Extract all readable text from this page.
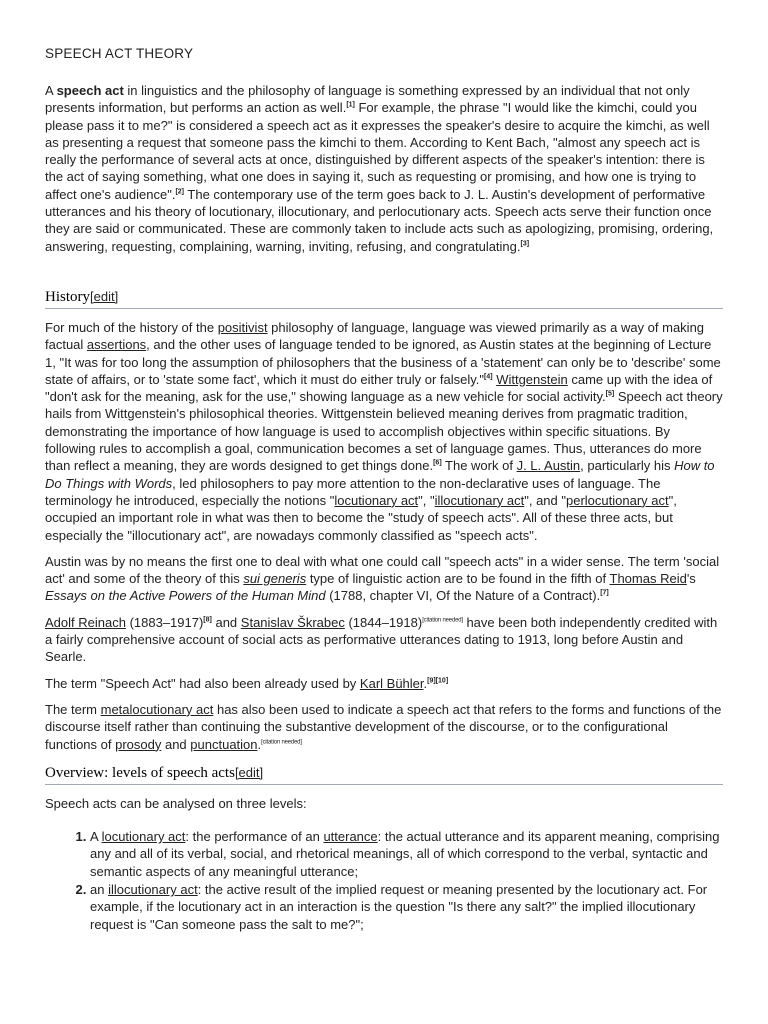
SPEECH ACT THEORY

A speech act in linguistics and the philosophy of language is something expressed by an individual that not only presents information, but performs an action as well.[1] For example, the phrase "I would like the kimchi, could you please pass it to me?" is considered a speech act as it expresses the speaker's desire to acquire the kimchi, as well as presenting a request that someone pass the kimchi to them. According to Kent Bach, "almost any speech act is really the performance of several acts at once, distinguished by different aspects of the speaker's intention: there is the act of saying something, what one does in saying it, such as requesting or promising, and how one is trying to affect one's audience".[2] The contemporary use of the term goes back to J. L. Austin's development of performative utterances and his theory of locutionary, illocutionary, and perlocutionary acts. Speech acts serve their function once they are said or communicated. These are commonly taken to include acts such as apologizing, promising, ordering, answering, requesting, complaining, warning, inviting, refusing, and congratulating.[3]

History[edit]

For much of the history of the positivist philosophy of language, language was viewed primarily as a way of making factual assertions, and the other uses of language tended to be ignored, as Austin states at the beginning of Lecture 1, "It was for too long the assumption of philosophers that the business of a 'statement' can only be to 'describe' some state of affairs, or to 'state some fact', which it must do either truly or falsely."[4] Wittgenstein came up with the idea of "don't ask for the meaning, ask for the use," showing language as a new vehicle for social activity.[5] Speech act theory hails from Wittgenstein's philosophical theories. Wittgenstein believed meaning derives from pragmatic tradition, demonstrating the importance of how language is used to accomplish objectives within specific situations. By following rules to accomplish a goal, communication becomes a set of language games. Thus, utterances do more than reflect a meaning, they are words designed to get things done.[6] The work of J. L. Austin, particularly his How to Do Things with Words, led philosophers to pay more attention to the non-declarative uses of language. The terminology he introduced, especially the notions "locutionary act", "illocutionary act", and "perlocutionary act", occupied an important role in what was then to become the "study of speech acts". All of these three acts, but especially the "illocutionary act", are nowadays commonly classified as "speech acts".

Austin was by no means the first one to deal with what one could call "speech acts" in a wider sense. The term 'social act' and some of the theory of this sui generis type of linguistic action are to be found in the fifth of Thomas Reid's Essays on the Active Powers of the Human Mind (1788, chapter VI, Of the Nature of a Contract).[7]

Adolf Reinach (1883–1917)[8] and Stanislav Škrabec (1844–1918)[citation needed] have been both independently credited with a fairly comprehensive account of social acts as performative utterances dating to 1913, long before Austin and Searle.

The term "Speech Act" had also been already used by Karl Bühler.[9][10]

The term metalocutionary act has also been used to indicate a speech act that refers to the forms and functions of the discourse itself rather than continuing the substantive development of the discourse, or to the configurational functions of prosody and punctuation.[citation needed]

Overview: levels of speech acts[edit]

Speech acts can be analysed on three levels:

1. A locutionary act: the performance of an utterance: the actual utterance and its apparent meaning, comprising any and all of its verbal, social, and rhetorical meanings, all of which correspond to the verbal, syntactic and semantic aspects of any meaningful utterance;
2. an illocutionary act: the active result of the implied request or meaning presented by the locutionary act. For example, if the locutionary act in an interaction is the question "Is there any salt?" the implied illocutionary request is "Can someone pass the salt to me?";
